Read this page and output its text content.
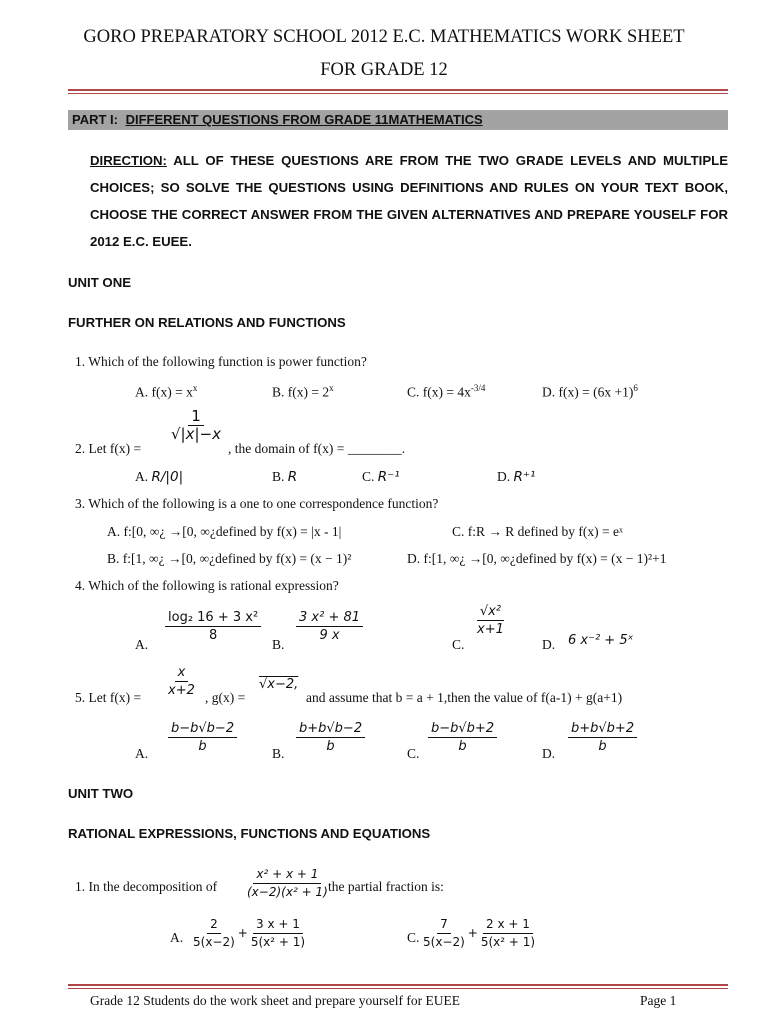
GORO PREPARATORY SCHOOL 2012 E.C. MATHEMATICS WORK SHEET
FOR GRADE 12
PART I: DIFFERENT QUESTIONS FROM GRADE 11MATHEMATICS
DIRECTION: ALL OF THESE QUESTIONS ARE FROM THE TWO GRADE LEVELS AND MULTIPLE CHOICES; SO SOLVE THE QUESTIONS USING DEFINITIONS AND RULES ON YOUR TEXT BOOK, CHOOSE THE CORRECT ANSWER FROM THE GIVEN ALTERNATIVES AND PREPARE YOUSELF FOR 2012 E.C. EUEE.
UNIT ONE
FURTHER ON RELATIONS AND FUNCTIONS
1. Which of the following function is power function?
A. $f(x) = x^x$	B. $f(x) = 2^x$	C. $f(x) = 4x^{-3/4}$	D. $f(x) = (6x +1)^6$
2. Let f(x) =
$\frac{1}{√|x|-x}$
, the domain of f(x) = ________.
A. R/|0|	B. R	C. R⁻¹	D. R⁺¹
3. Which of the following is a one to one correspondence function?
A. f:[0, ∞¿ →[0, ∞¿defined by f(x) = |x - 1|	C. f:R → R defined by f(x) = eˣ
B. f:[1, ∞¿ →[0, ∞¿defined by f(x) = (x − 1)²	D. f:[1, ∞¿ →[0, ∞¿defined by f(x) = (x − 1)²+1
4. Which of the following is rational expression?
A.
$\frac{\text{log₂ 16 + 3 x²}}{8}$
B.
$\frac{\text{3 x² + 81}}{9 x}$
C.
$\frac{\text{√x²}}{x+1}$
D. 6 x⁻² + 5ˣ
5. Let $f(x) = \frac{x}{x+2}$ , g(x) =
√x−2,
and assume that b = a + 1,then the value of f(a-1) + g(a+1)
A. $\frac{b-b√b-2}{b}$	B. $\frac{b+b√b-2}{b}$	C. $\frac{b-b√b+2}{b}$	D. $\frac{b+b√b+2}{b}$
UNIT TWO
RATIONAL EXPRESSIONS, FUNCTIONS AND EQUATIONS
1. In the decomposition of $\frac{\text{x² + x + 1}}{\text{(x−2)(x² + 1)}}$
the partial fraction is:
A. $\frac{2}{5(x-2)} + \frac{3 x + 1}{\text{5(x² + 1)}}$	C. $\frac{7}{5(x-2)} + \frac{2 x + 1}{\text{5(x² + 1)}}$
Grade 12 Students do the work sheet and prepare yourself for EUEE	Page 1
